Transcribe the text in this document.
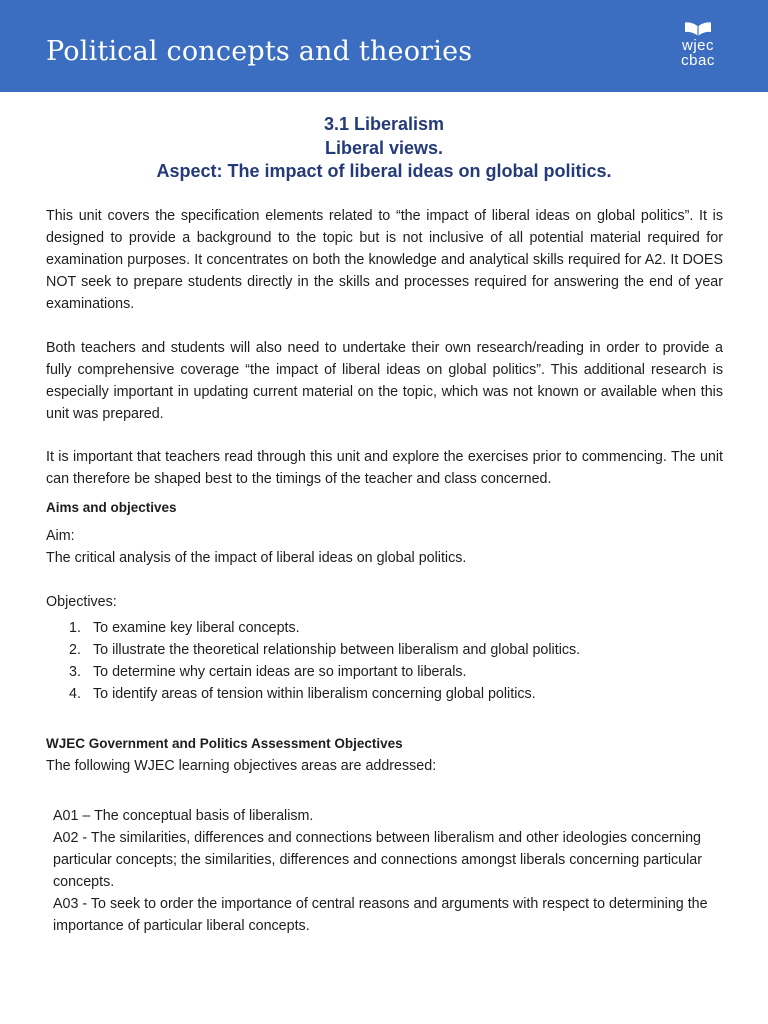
Political concepts and theories	wjec
cbac
3.1 Liberalism
Liberal views.
Aspect: The impact of liberal ideas on global politics.

This unit covers the specification elements related to “the impact of liberal ideas on global politics”. It is designed to provide a background to the topic but is not inclusive of all potential material required for examination purposes. It concentrates on both the knowledge and analytical skills required for A2. It DOES NOT seek to prepare students directly in the skills and processes required for answering the end of year examinations.

Both teachers and students will also need to undertake their own research/reading in order to provide a fully comprehensive coverage “the impact of liberal ideas on global politics”. This additional research is especially important in updating current material on the topic, which was not known or available when this unit was prepared.

It is important that teachers read through this unit and explore the exercises prior to commencing. The unit can therefore be shaped best to the timings of the teacher and class concerned.

Aims and objectives

Aim:

The critical analysis of the impact of liberal ideas on global politics.

Objectives:

1. To examine key liberal concepts.
2. To illustrate the theoretical relationship between liberalism and global politics.
3. To determine why certain ideas are so important to liberals.
4. To identify areas of tension within liberalism concerning global politics.
WJEC Government and Politics Assessment Objectives

The following WJEC learning objectives areas are addressed:

A01 – The conceptual basis of liberalism.

A02 - The similarities, differences and connections between liberalism and other ideologies concerning particular concepts; the similarities, differences and connections amongst liberals concerning particular concepts.

A03 - To seek to order the importance of central reasons and arguments with respect to determining the importance of particular liberal concepts.
